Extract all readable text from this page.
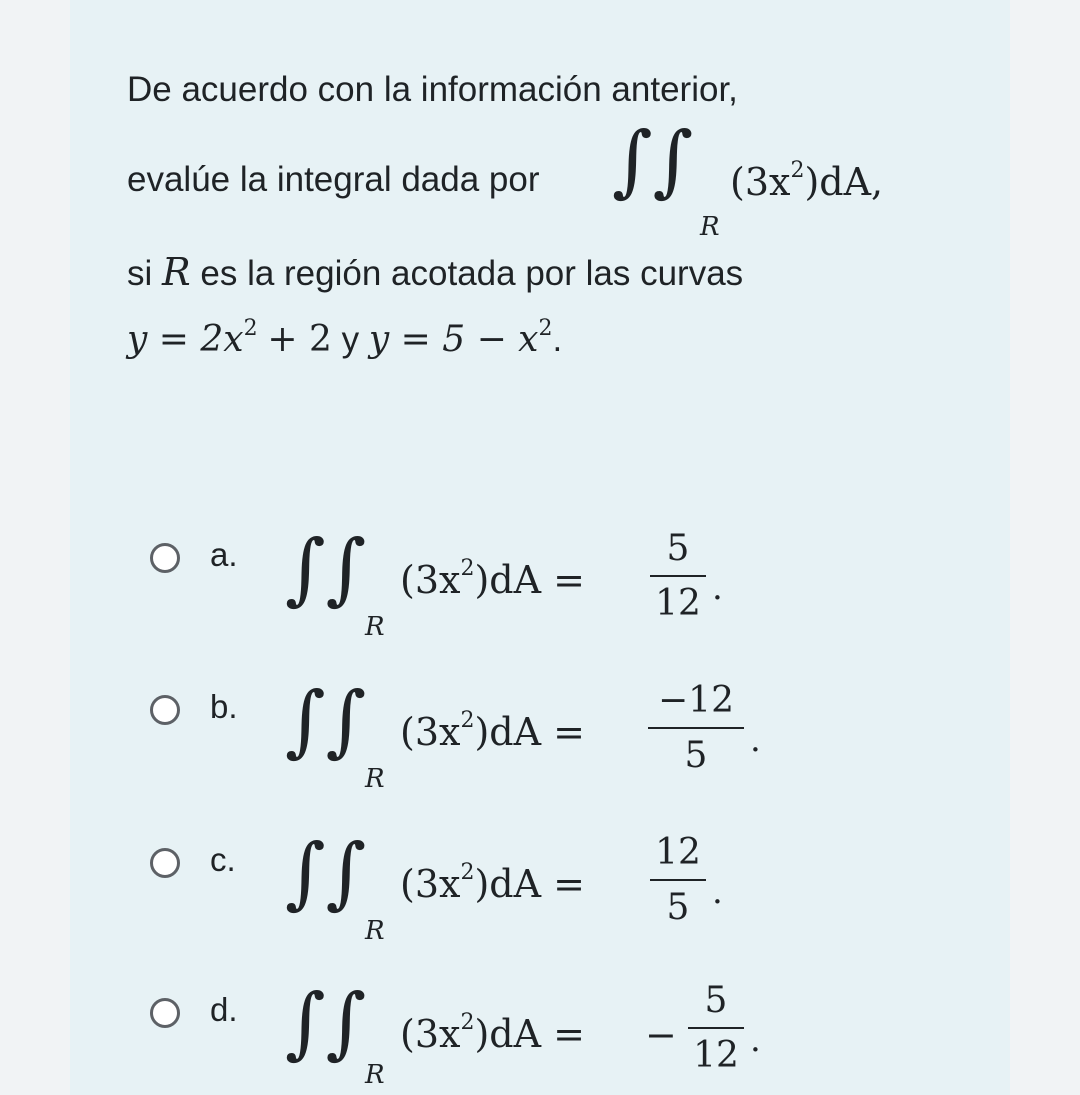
De acuerdo con la información anterior,
evalúe la integral dada por ∫∫
R
$(3x^2)dA$,
si R es la región acotada por las curvas
$y = 2x^2 + 2$ y $y = 5 - x^2$.
a. ∫∫
R
$(3x^2)dA$ =
5
12 .
b. ∫∫
R
$(3x^2)dA$ =
−12
5	.
c. ∫∫
R
$(3x^2)dA$ =
12
5 .
d. ∫∫
R
$(3x^2)dA$ = −
5
12 .
